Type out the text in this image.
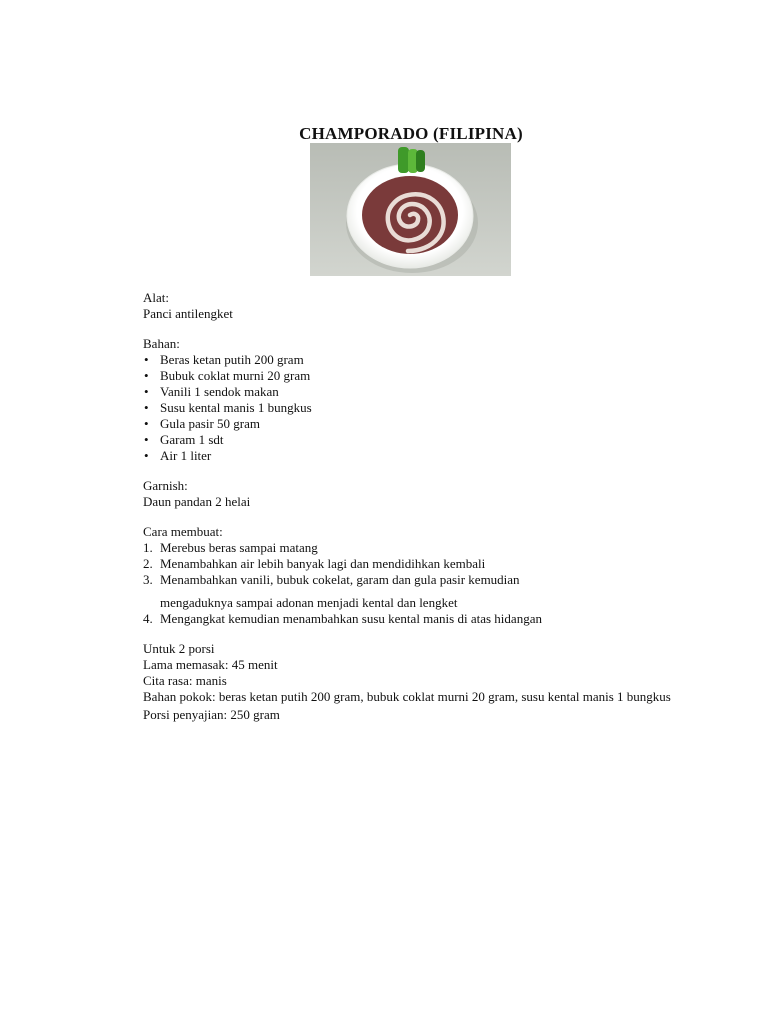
CHAMPORADO (FILIPINA)
Alat:
Panci antilengket
Bahan:
• Beras ketan putih 200 gram
• Bubuk coklat murni 20 gram
• Vanili 1 sendok makan
• Susu kental manis 1 bungkus
• Gula pasir 50 gram
• Garam 1 sdt
• Air 1 liter
Garnish:
Daun pandan 2 helai
Cara membuat:
1. Merebus beras sampai matang
2. Menambahkan air lebih banyak lagi dan mendidihkan kembali
3. Menambahkan vanili, bubuk cokelat, garam dan gula pasir kemudian
mengaduknya sampai adonan menjadi kental dan lengket
4. Mengangkat kemudian menambahkan susu kental manis di atas hidangan
Untuk 2 porsi
Lama memasak: 45 menit
Cita rasa: manis
Bahan pokok: beras ketan putih 200 gram, bubuk coklat murni 20 gram, susu kental manis 1 bungkus
Porsi penyajian: 250 gram
